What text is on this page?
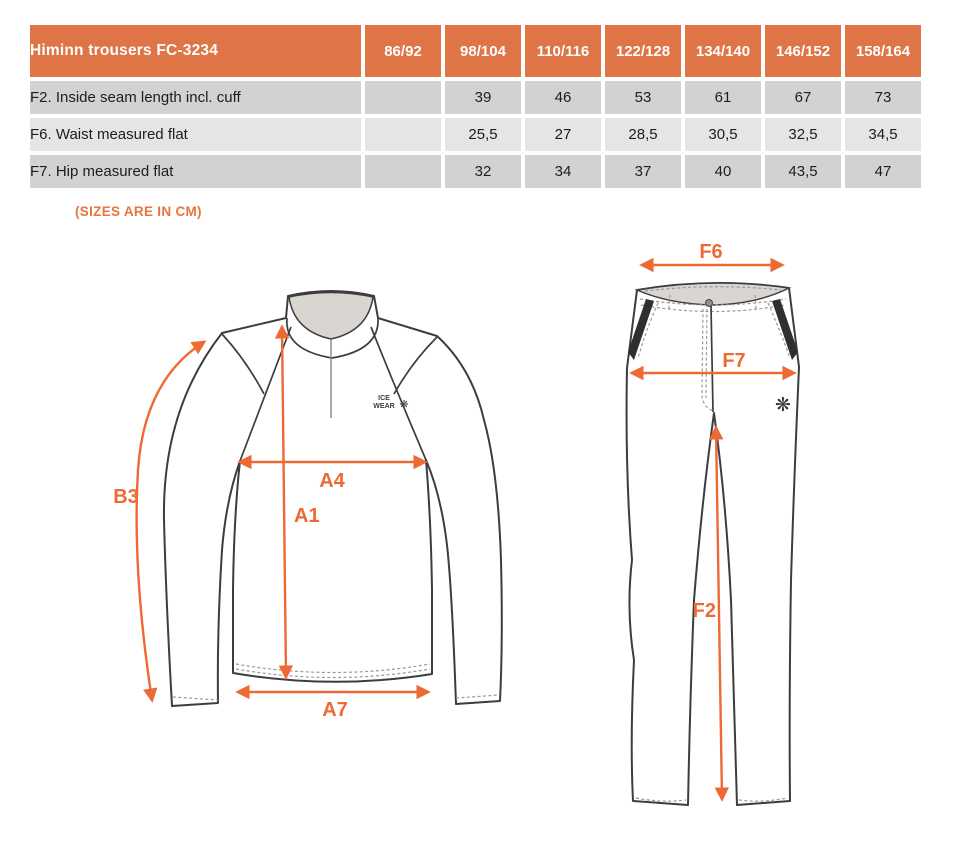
Himinn trousers FC-3234	86/92	98/104	110/116	122/128	134/140	146/152	158/164
F2. Inside seam length incl. cuff		39	46	53	61	67	73
F6. Waist measured flat		25,5	27	28,5	30,5	32,5	34,5
F7. Hip measured flat		32	34	37	40	43,5	47
(SIZES ARE IN CM)
ICE
WEAR ❋
B3
A4
A1
A7
❋
F6
F7
F2
